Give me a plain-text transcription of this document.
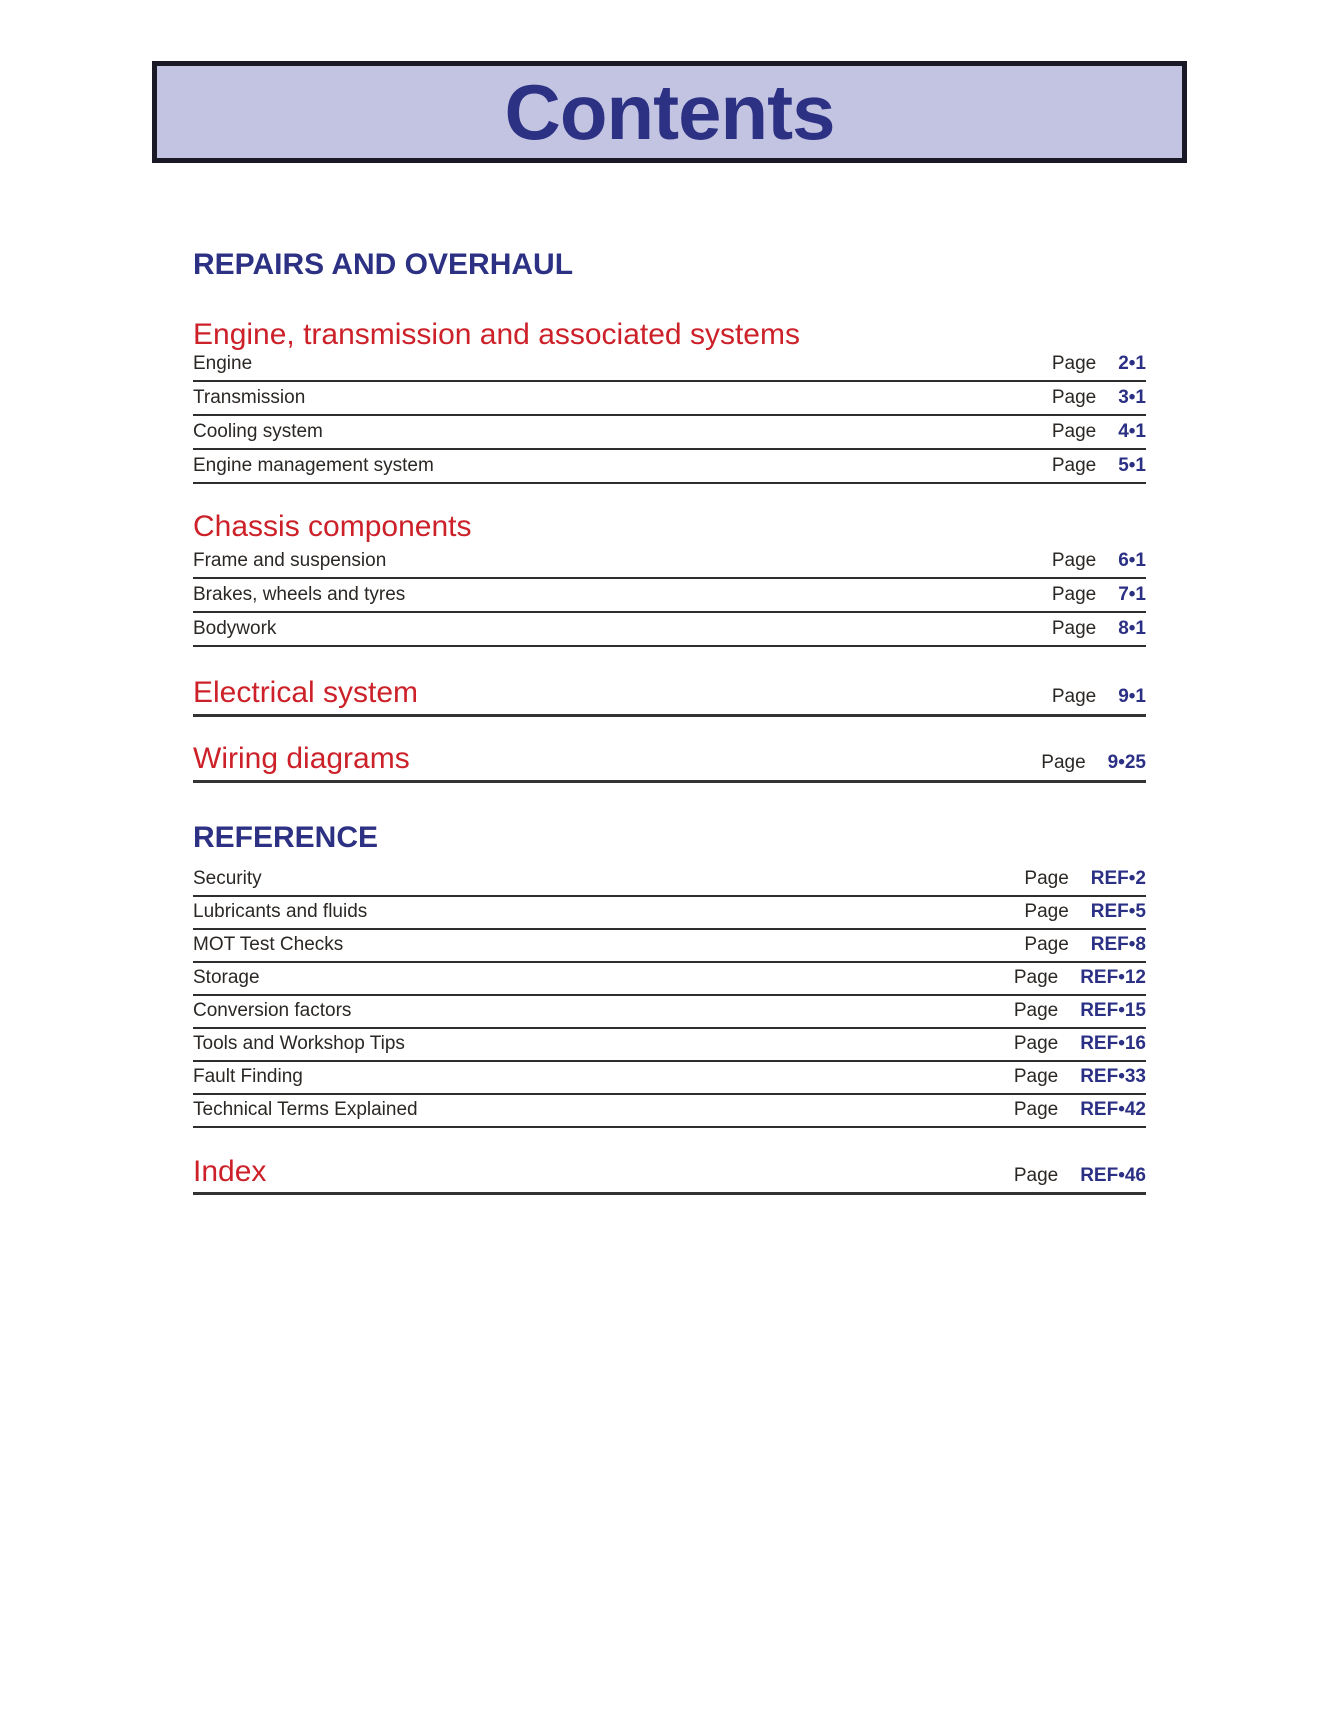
Contents
REPAIRS AND OVERHAUL
Engine, transmission and associated systems
Engine	Page 2•1
Transmission	Page 3•1
Cooling system	Page 4•1
Engine management system	Page 5•1
Chassis components
Frame and suspension	Page 6•1
Brakes, wheels and tyres	Page 7•1
Bodywork	Page 8•1
Electrical system	Page 9•1
Wiring diagrams	Page 9•25
REFERENCE
Security	Page REF•2
Lubricants and fluids	Page REF•5
MOT Test Checks	Page REF•8
Storage	Page REF•12
Conversion factors	Page REF•15
Tools and Workshop Tips	Page REF•16
Fault Finding	Page REF•33
Technical Terms Explained	Page REF•42
Index	Page REF•46
